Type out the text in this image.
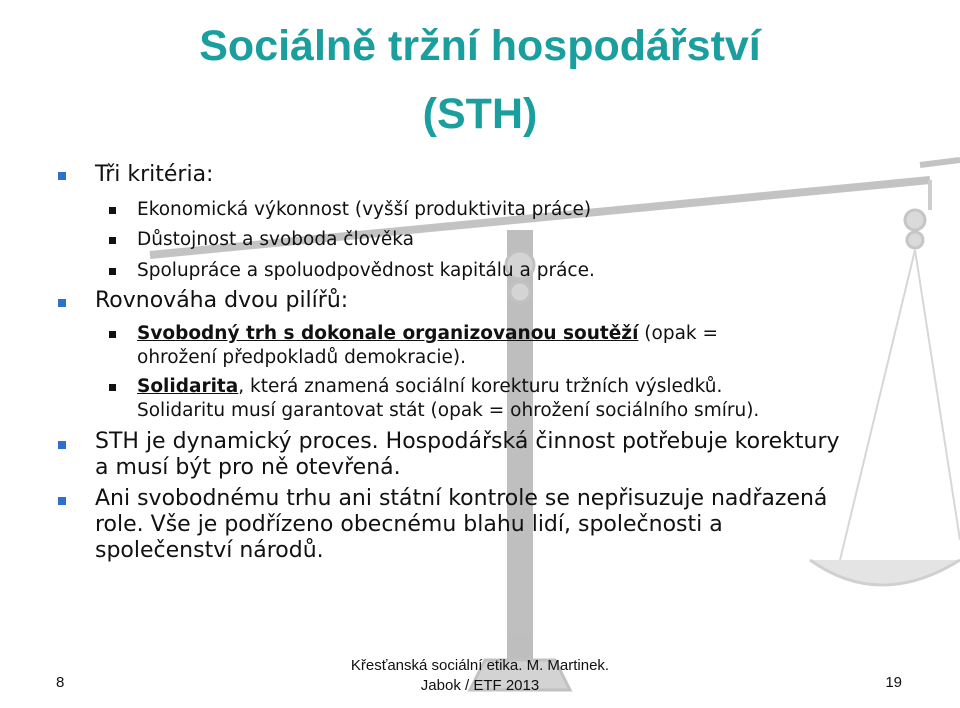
Sociálně tržní hospodářství
(STH)
Tři kritéria:
Ekonomická výkonnost (vyšší produktivita práce)
Důstojnost a svoboda člověka
Spolupráce a spoluodpovědnost kapitálu a práce.
Rovnováha dvou pilířů:
Svobodný trh s dokonale organizovanou soutěží (opak =
ohrožení předpokladů demokracie).
Solidarita, která znamená sociální korekturu tržních výsledků.
Solidaritu musí garantovat stát (opak = ohrožení sociálního smíru).
STH je dynamický proces. Hospodářská činnost potřebuje korektury
a musí být pro ně otevřená.
Ani svobodnému trhu ani státní kontrole se nepřisuzuje nadřazená
role. Vše je podřízeno obecnému blahu lidí, společnosti a
společenství národů.
8
Křesťanská sociální etika. M. Martinek.
Jabok / ETF 2013	19
